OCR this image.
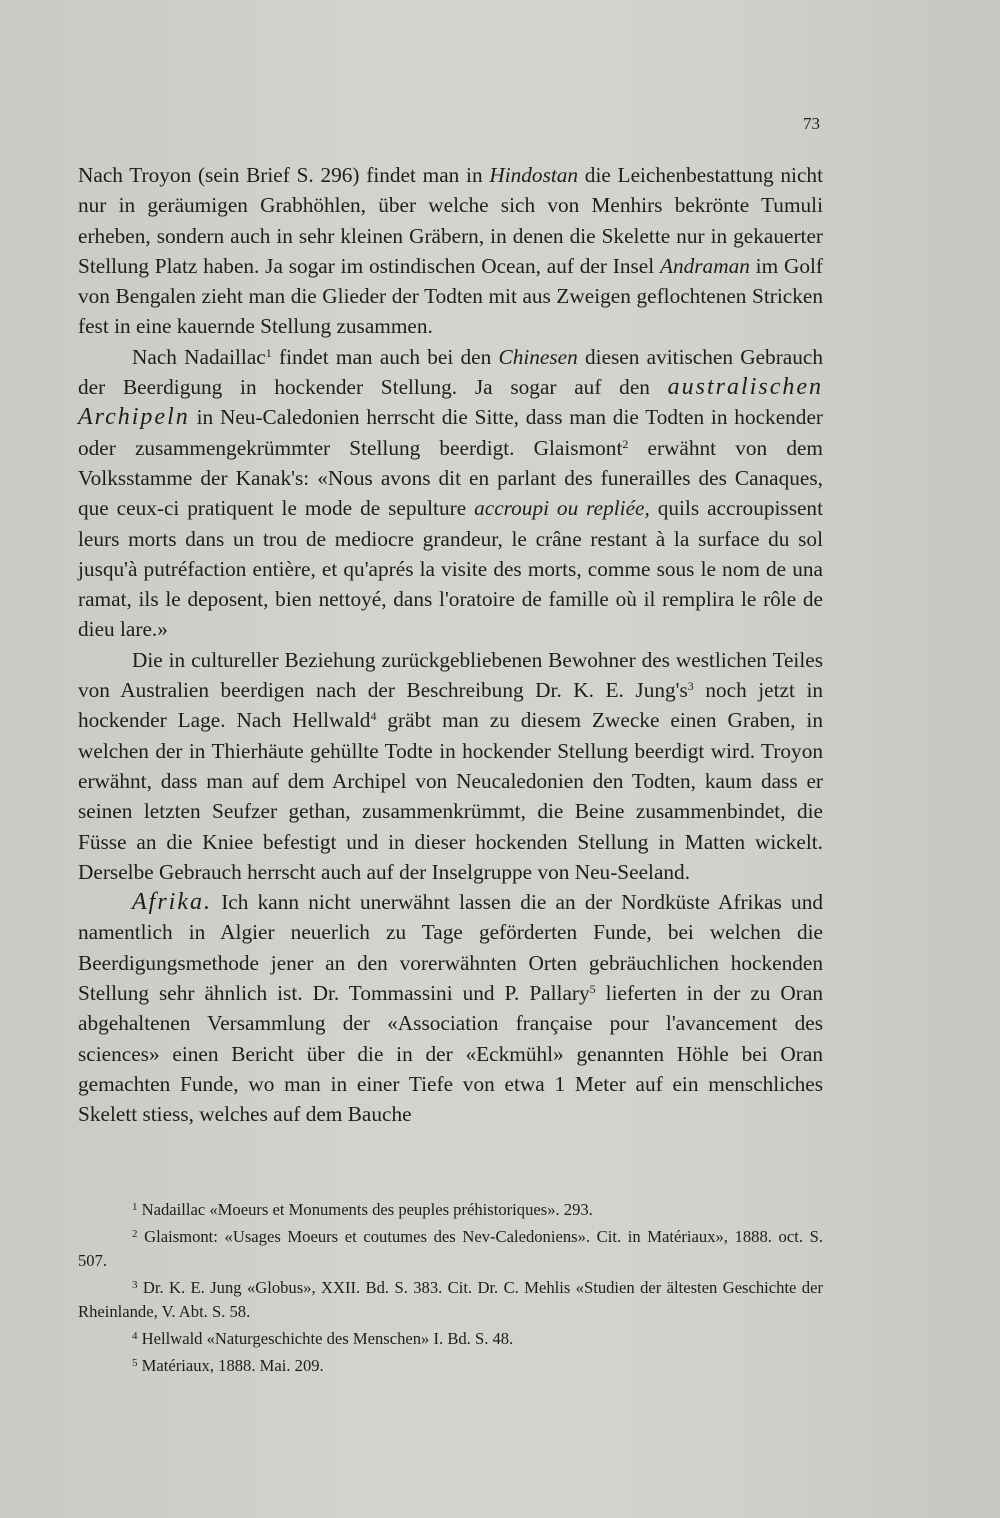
73

Nach Troyon (sein Brief S. 296) findet man in Hindostan die Leichenbestattung nicht nur in geräumigen Grabhöhlen, über welche sich von Menhirs bekrönte Tumuli erheben, sondern auch in sehr kleinen Gräbern, in denen die Skelette nur in gekauerter Stellung Platz haben. Ja sogar im ostindischen Ocean, auf der Insel Andraman im Golf von Bengalen zieht man die Glieder der Todten mit aus Zweigen geflochtenen Stricken fest in eine kauernde Stellung zusammen.

Nach Nadaillac$^1$ findet man auch bei den Chinesen diesen avitischen Gebrauch der Beerdigung in hockender Stellung. Ja sogar auf den australischen Archipeln in Neu-Caledonien herrscht die Sitte, dass man die Todten in hockender oder zusammengekrümmter Stellung beerdigt. Glaismont$^2$ erwähnt von dem Volksstamme der Kanak's: «Nous avons dit en parlant des funerailles des Canaques, que ceux-ci pratiquent le mode de sepulture accroupi ou repliée, quils accroupissent leurs morts dans un trou de mediocre grandeur, le crâne restant à la surface du sol jusqu'à putréfaction entière, et qu'aprés la visite des morts, comme sous le nom de una ramat, ils le deposent, bien nettoyé, dans l'oratoire de famille où il remplira le rôle de dieu lare.»

Die in cultureller Beziehung zurückgebliebenen Bewohner des westlichen Teiles von Australien beerdigen nach der Beschreibung Dr. K. E. $Jung's^3$ noch jetzt in hockender Lage. Nach Hellwald$^4$ gräbt man zu diesem Zwecke einen Graben, in welchen der in Thierhäute gehüllte Todte in hockender Stellung beerdigt wird. Troyon erwähnt, dass man auf dem Archipel von Neucaledonien den Todten, kaum dass er seinen letzten Seufzer gethan, zusammenkrümmt, die Beine zusammenbindet, die Füsse an die Kniee befestigt und in dieser hockenden Stellung in Matten wickelt. Derselbe Gebrauch herrscht auch auf der Inselgruppe von Neu-Seeland.

Afrika. Ich kann nicht unerwähnt lassen die an der Nordküste Afrikas und namentlich in Algier neuerlich zu Tage geförderten Funde, bei welchen die Beerdigungsmethode jener an den vorerwähnten Orten gebräuchlichen hockenden Stellung sehr ähnlich ist. Dr. Tommassini und P. Pallary$^5$ lieferten in der zu Oran abgehaltenen Versammlung der «Association française pour l'avancement des sciences» einen Bericht über die in der «Eckmühl» genannten Höhle bei Oran gemachten Funde, wo man in einer Tiefe von etwa 1 Meter auf ein menschliches Skelett stiess, welches auf dem Bauche

$^1$ Nadaillac «Moeurs et Monuments des peuples préhistoriques». 293.
$^2$ Glaismont: «Usages Moeurs et coutumes des Nev-Caledoniens». Cit. in Matériaux», 1888. oct. S. 507.
$^3$ Dr. K. E. Jung «Globus», XXII. Bd. S. 383. Cit. Dr. C. Mehlis «Studien der ältesten Geschichte der Rheinlande, V. Abt. S. 58.
$^4$ Hellwald «Naturgeschichte des Menschen» I. Bd. S. 48.
$^5$ Matériaux, 1888. Mai. 209.
